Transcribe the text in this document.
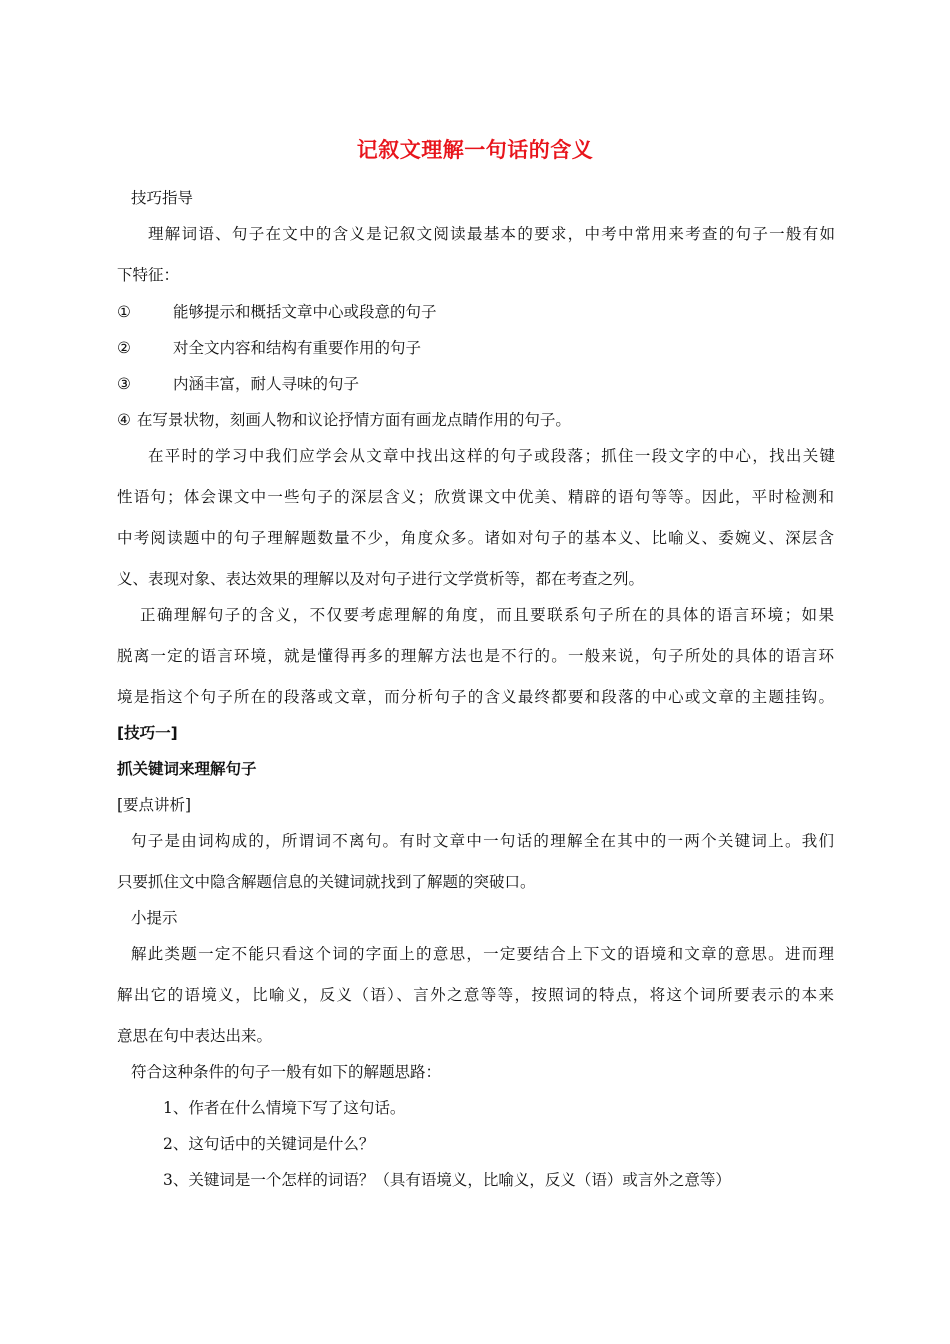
记叙文理解一句话的含义
技巧指导
理解词语、句子在文中的含义是记叙文阅读最基本的要求，中考中常用来考查的句子一般有如
下特征：
①	能够提示和概括文章中心或段意的句子
②	对全文内容和结构有重要作用的句子
③	内涵丰富，耐人寻味的句子
④ 在写景状物，刻画人物和议论抒情方面有画龙点睛作用的句子。
在平时的学习中我们应学会从文章中找出这样的句子或段落；抓住一段文字的中心，找出关键
性语句；体会课文中一些句子的深层含义；欣赏课文中优美、精辟的语句等等。因此，平时检测和
中考阅读题中的句子理解题数量不少，角度众多。诸如对句子的基本义、比喻义、委婉义、深层含
义、表现对象、表达效果的理解以及对句子进行文学赏析等，都在考查之列。
正确理解句子的含义，不仅要考虑理解的角度，而且要联系句子所在的具体的语言环境；如果
脱离一定的语言环境，就是懂得再多的理解方法也是不行的。一般来说，句子所处的具体的语言环
境是指这个句子所在的段落或文章，而分析句子的含义最终都要和段落的中心或文章的主题挂钩。
[技巧一]
抓关键词来理解句子
[要点讲析]
句子是由词构成的，所谓词不离句。有时文章中一句话的理解全在其中的一两个关键词上。我们
只要抓住文中隐含解题信息的关键词就找到了解题的突破口。
小提示
解此类题一定不能只看这个词的字面上的意思，一定要结合上下文的语境和文章的意思。进而理
解出它的语境义，比喻义，反义（语）、言外之意等等，按照词的特点，将这个词所要表示的本来
意思在句中表达出来。
符合这种条件的句子一般有如下的解题思路：
1、作者在什么情境下写了这句话。
2、这句话中的关键词是什么？
3、关键词是一个怎样的词语？（具有语境义，比喻义，反义（语）或言外之意等）
